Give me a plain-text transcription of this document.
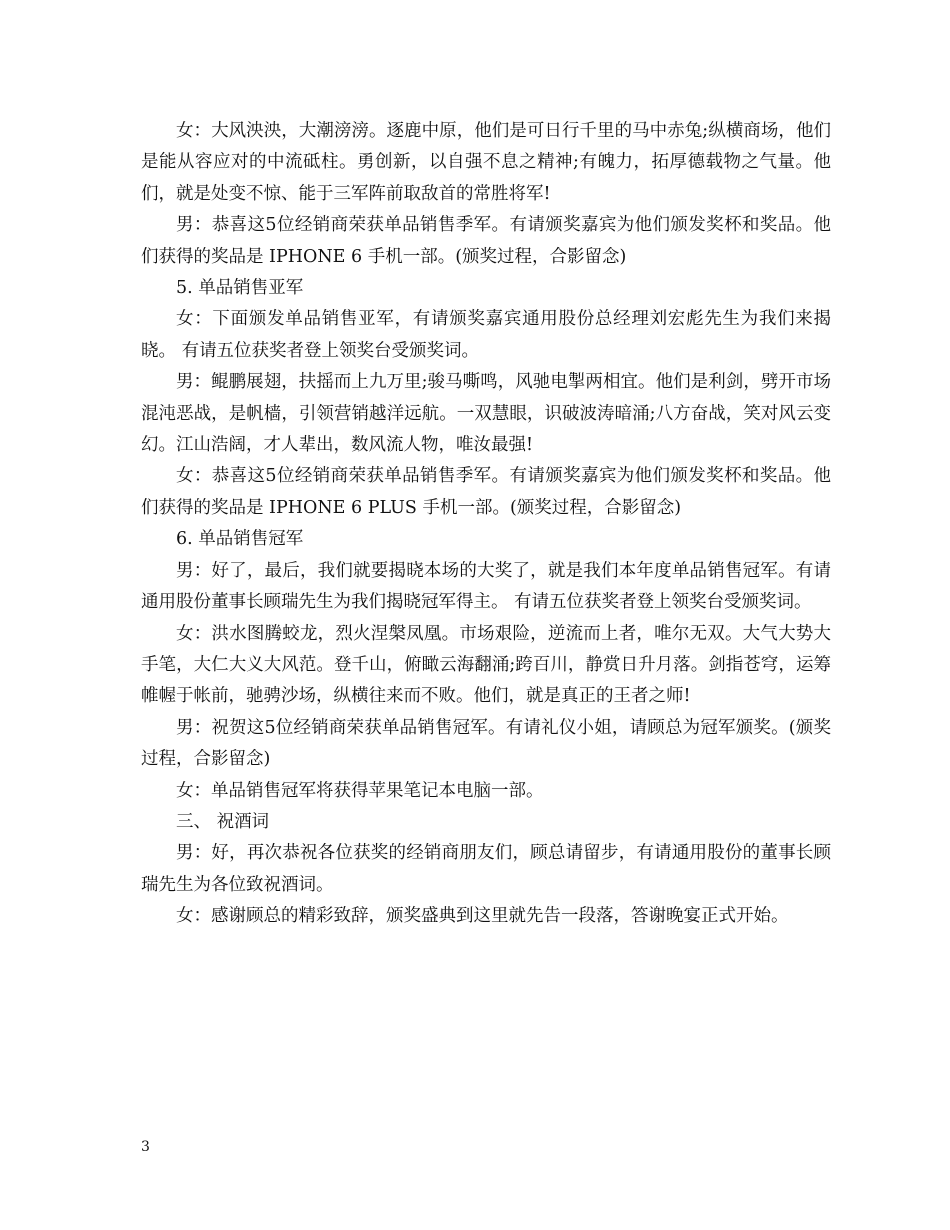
女：大风泱泱，大潮滂滂。逐鹿中原，他们是可日行千里的马中赤兔;纵横商场，他们是能从容应对的中流砥柱。勇创新，以自强不息之精神;有魄力，拓厚德载物之气量。他们，就是处变不惊、能于三军阵前取敌首的常胜将军!

男：恭喜这5位经销商荣获单品销售季军。有请颁奖嘉宾为他们颁发奖杯和奖品。他们获得的奖品是 IPHONE 6 手机一部。(颁奖过程，合影留念)

5. 单品销售亚军

女：下面颁发单品销售亚军，有请颁奖嘉宾通用股份总经理刘宏彪先生为我们来揭晓。 有请五位获奖者登上领奖台受颁奖词。

男：鲲鹏展翅，扶摇而上九万里;骏马嘶鸣，风驰电掣两相宜。他们是利剑，劈开市场混沌恶战，是帆樯，引领营销越洋远航。一双慧眼，识破波涛暗涌;八方奋战，笑对风云变幻。江山浩阔，才人辈出，数风流人物，唯汝最强!

女：恭喜这5位经销商荣获单品销售季军。有请颁奖嘉宾为他们颁发奖杯和奖品。他们获得的奖品是 IPHONE 6 PLUS 手机一部。(颁奖过程，合影留念)

6. 单品销售冠军

男：好了，最后，我们就要揭晓本场的大奖了，就是我们本年度单品销售冠军。有请通用股份董事长顾瑞先生为我们揭晓冠军得主。 有请五位获奖者登上领奖台受颁奖词。

女：洪水图腾蛟龙，烈火涅槃凤凰。市场艰险，逆流而上者，唯尔无双。大气大势大手笔，大仁大义大风范。登千山，俯瞰云海翻涌;跨百川，静赏日升月落。剑指苍穹，运筹帷幄于帐前，驰骋沙场，纵横往来而不败。他们，就是真正的王者之师!

男：祝贺这5位经销商荣获单品销售冠军。有请礼仪小姐，请顾总为冠军颁奖。(颁奖过程，合影留念)

女：单品销售冠军将获得苹果笔记本电脑一部。

三、 祝酒词

男：好，再次恭祝各位获奖的经销商朋友们，顾总请留步，有请通用股份的董事长顾瑞先生为各位致祝酒词。

女：感谢顾总的精彩致辞，颁奖盛典到这里就先告一段落，答谢晚宴正式开始。

3
